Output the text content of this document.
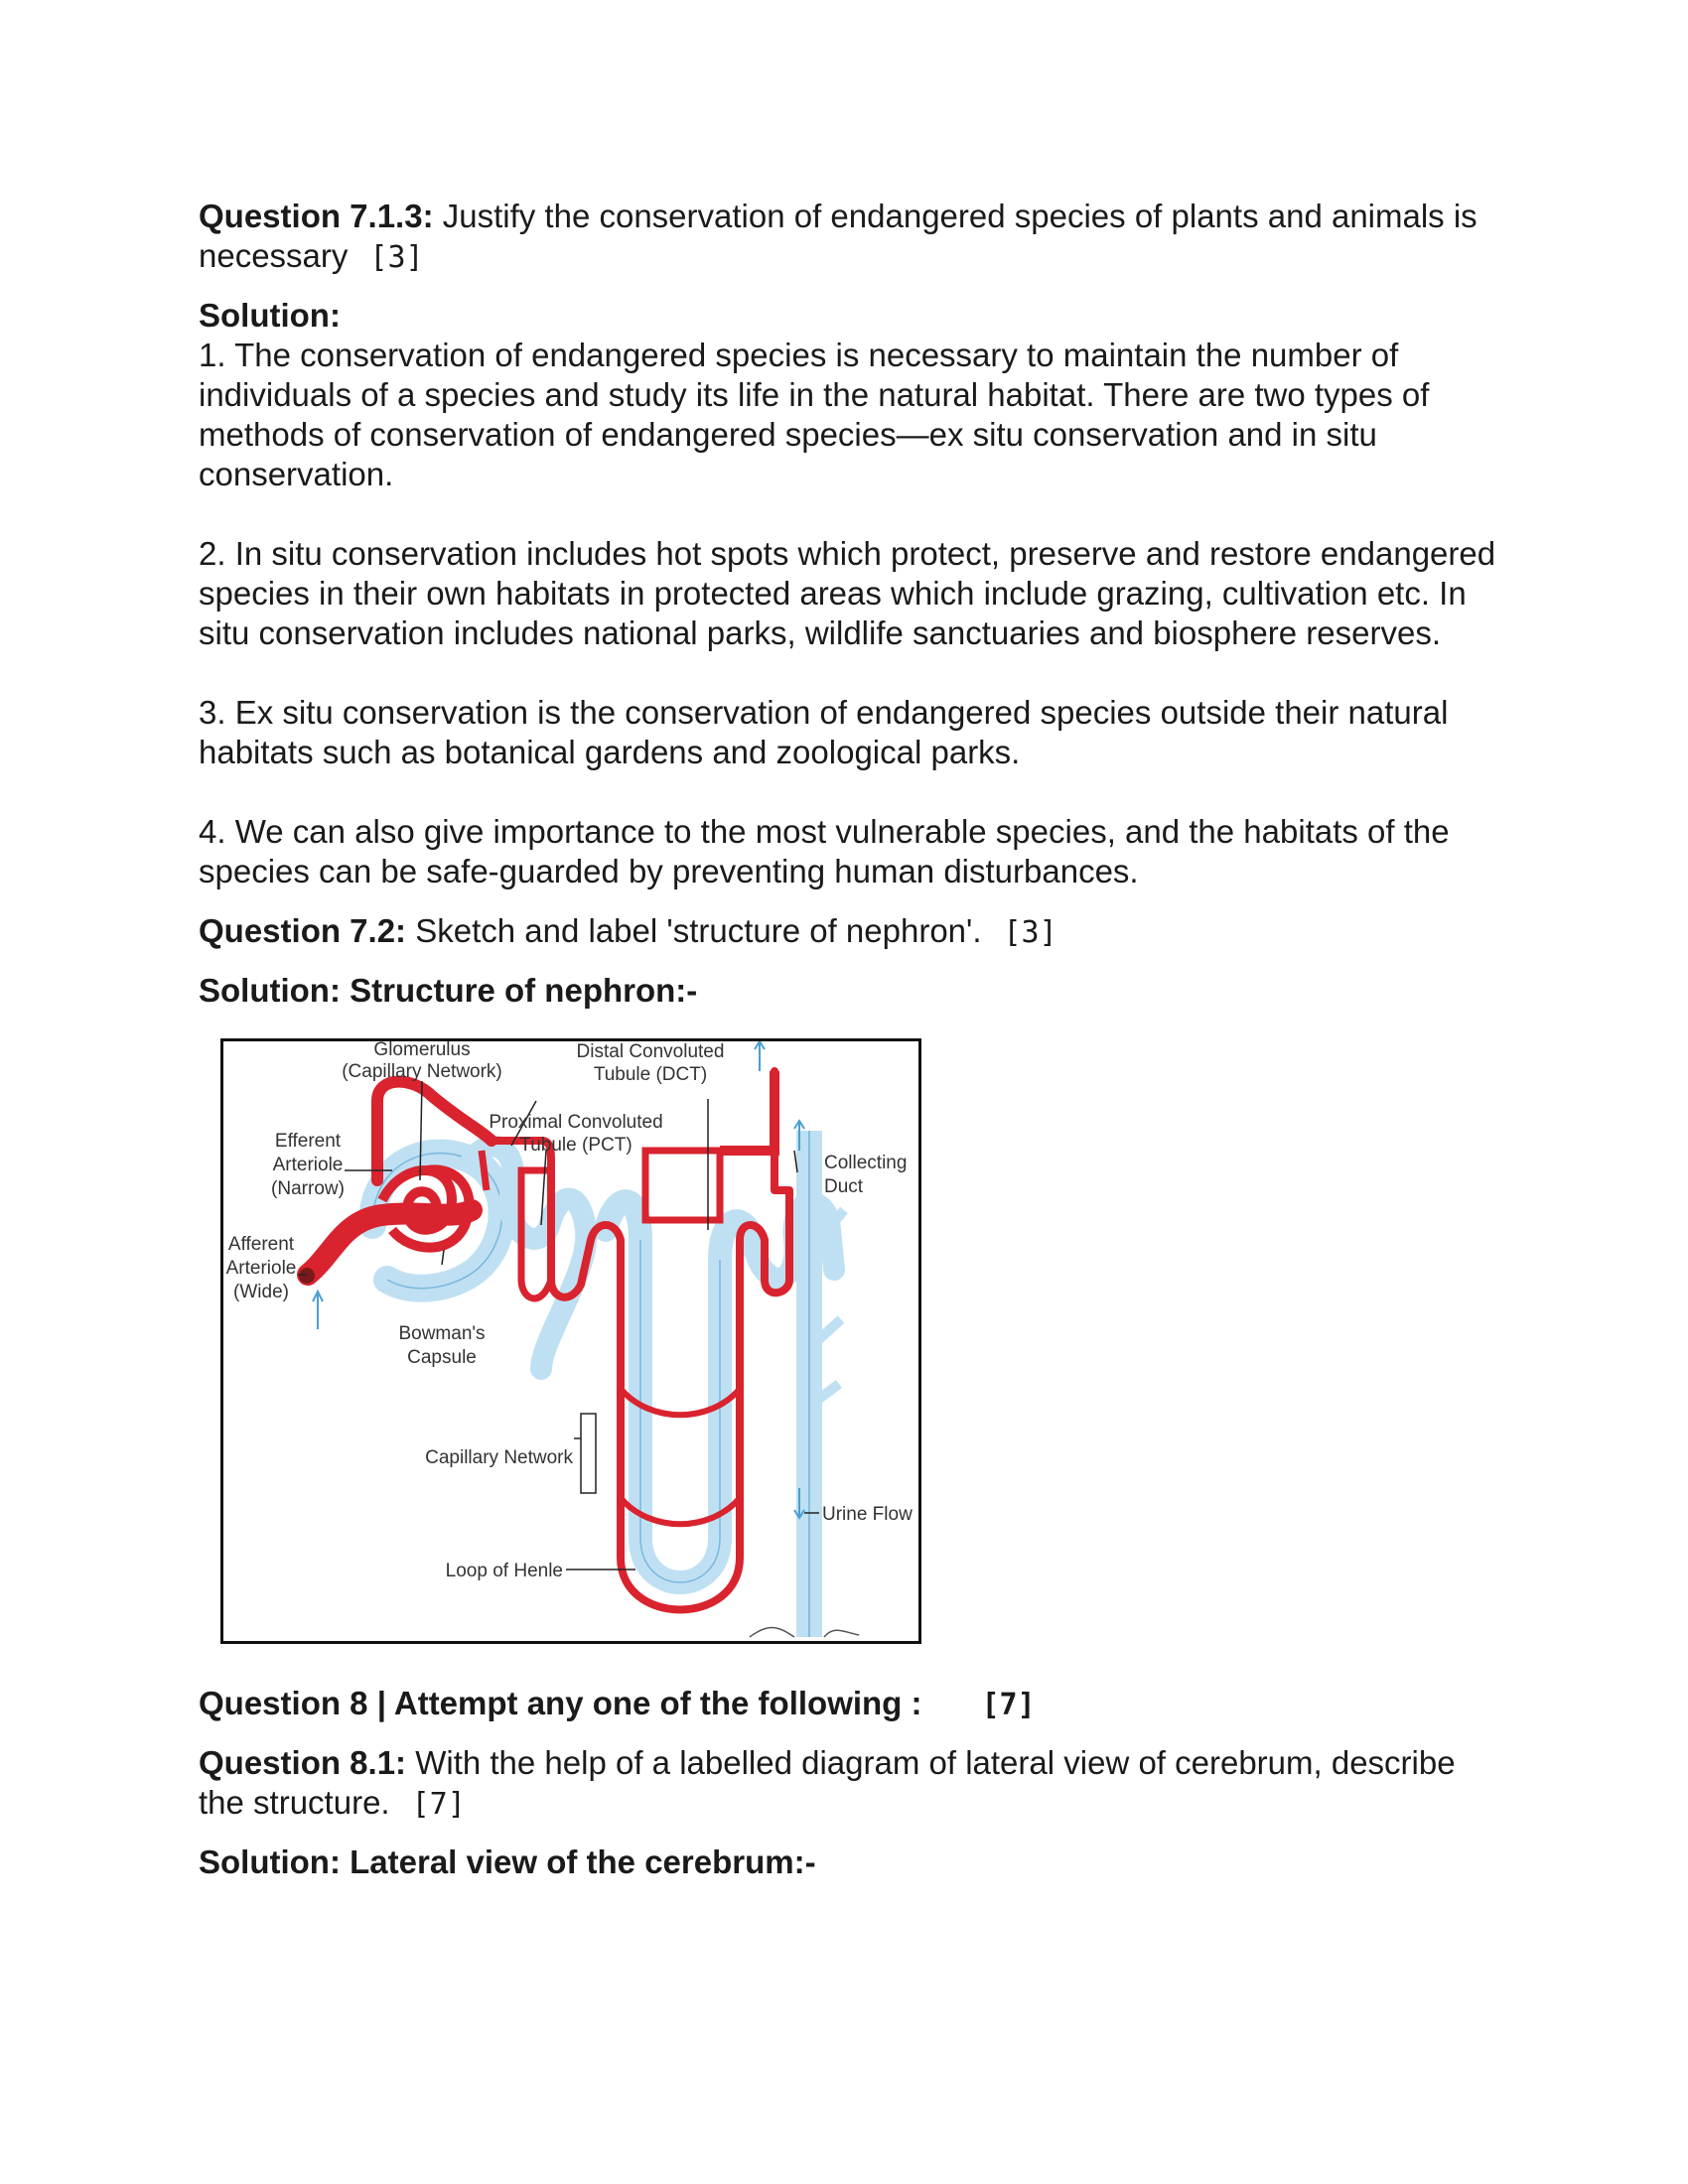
Question 7.1.3: Justify the conservation of endangered species of plants and animals is necessary [3]

Solution:

1. The conservation of endangered species is necessary to maintain the number of individuals of a species and study its life in the natural habitat. There are two types of methods of conservation of endangered species—ex situ conservation and in situ conservation.

2. In situ conservation includes hot spots which protect, preserve and restore endangered species in their own habitats in protected areas which include grazing, cultivation etc. In situ conservation includes national parks, wildlife sanctuaries and biosphere reserves.

3. Ex situ conservation is the conservation of endangered species outside their natural habitats such as botanical gardens and zoological parks.

4. We can also give importance to the most vulnerable species, and the habitats of the species can be safe-guarded by preventing human disturbances.

Question 7.2: Sketch and label 'structure of nephron'. [3]

Solution: Structure of nephron:-

Glomerulus
(Capillary Network)
Distal Convoluted
Tubule (DCT)
Proximal Convoluted
Tubule (PCT)
Efferent
Arteriole
(Narrow)
Afferent
Arteriole
(Wide)
Bowman's
Capsule
Collecting
Duct
Capillary Network
Loop of Henle
Urine Flow

Question 8 | Attempt any one of the following : [7]

Question 8.1: With the help of a labelled diagram of lateral view of cerebrum, describe the structure. [7]

Solution: Lateral view of the cerebrum:-
